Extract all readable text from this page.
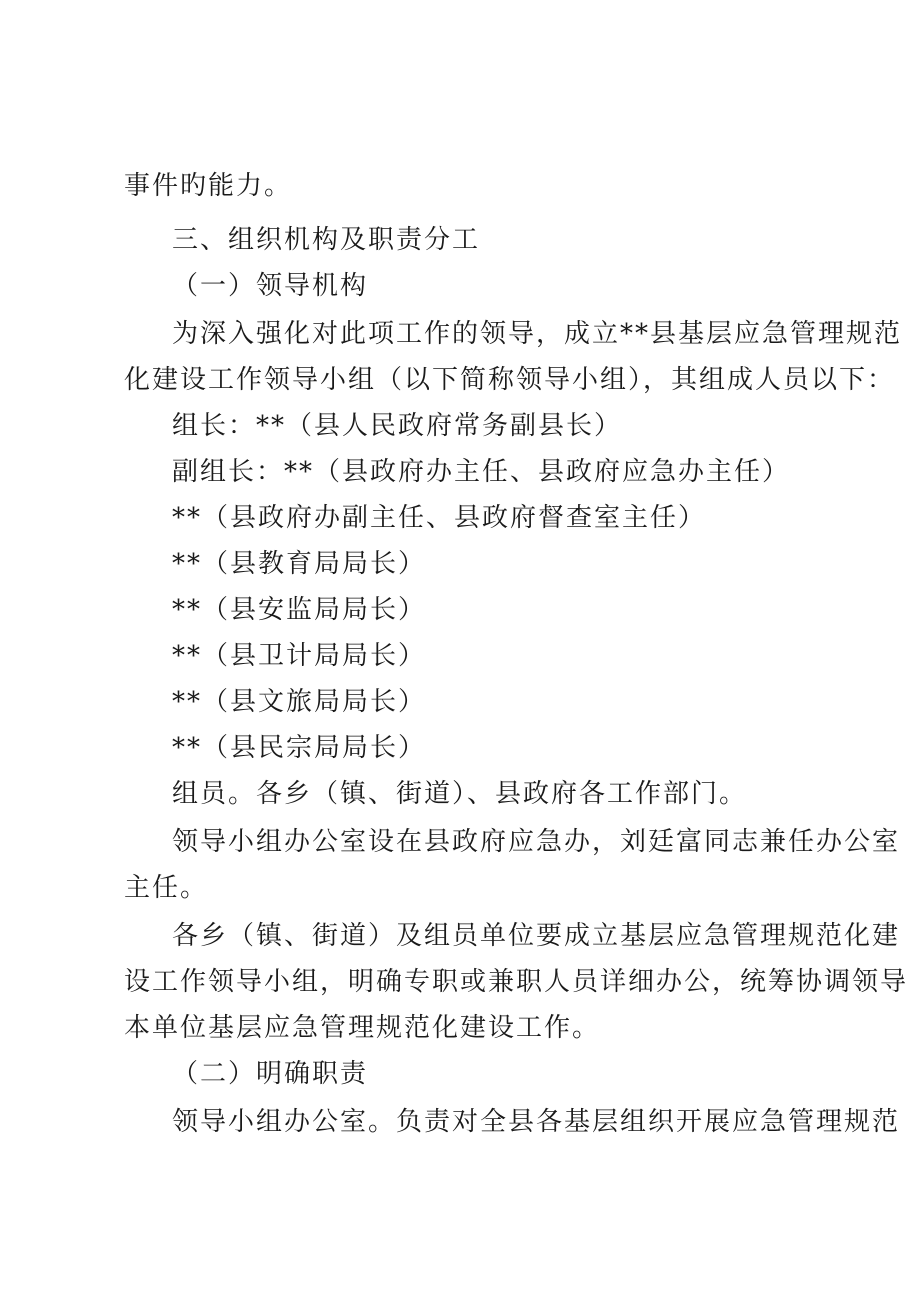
事件旳能力。
三、组织机构及职责分工
（一）领导机构
为深入强化对此项工作的领导，成立**县基层应急管理规范
化建设工作领导小组（以下简称领导小组），其组成人员以下：
组长：**（县人民政府常务副县长）
副组长：**（县政府办主任、县政府应急办主任）
**（县政府办副主任、县政府督查室主任）
**（县教育局局长）
**（县安监局局长）
**（县卫计局局长）
**（县文旅局局长）
**（县民宗局局长）
组员。各乡（镇、街道）、县政府各工作部门。
领导小组办公室设在县政府应急办，刘廷富同志兼任办公室
主任。
各乡（镇、街道）及组员单位要成立基层应急管理规范化建
设工作领导小组，明确专职或兼职人员详细办公，统筹协调领导
本单位基层应急管理规范化建设工作。
（二）明确职责
领导小组办公室。负责对全县各基层组织开展应急管理规范
